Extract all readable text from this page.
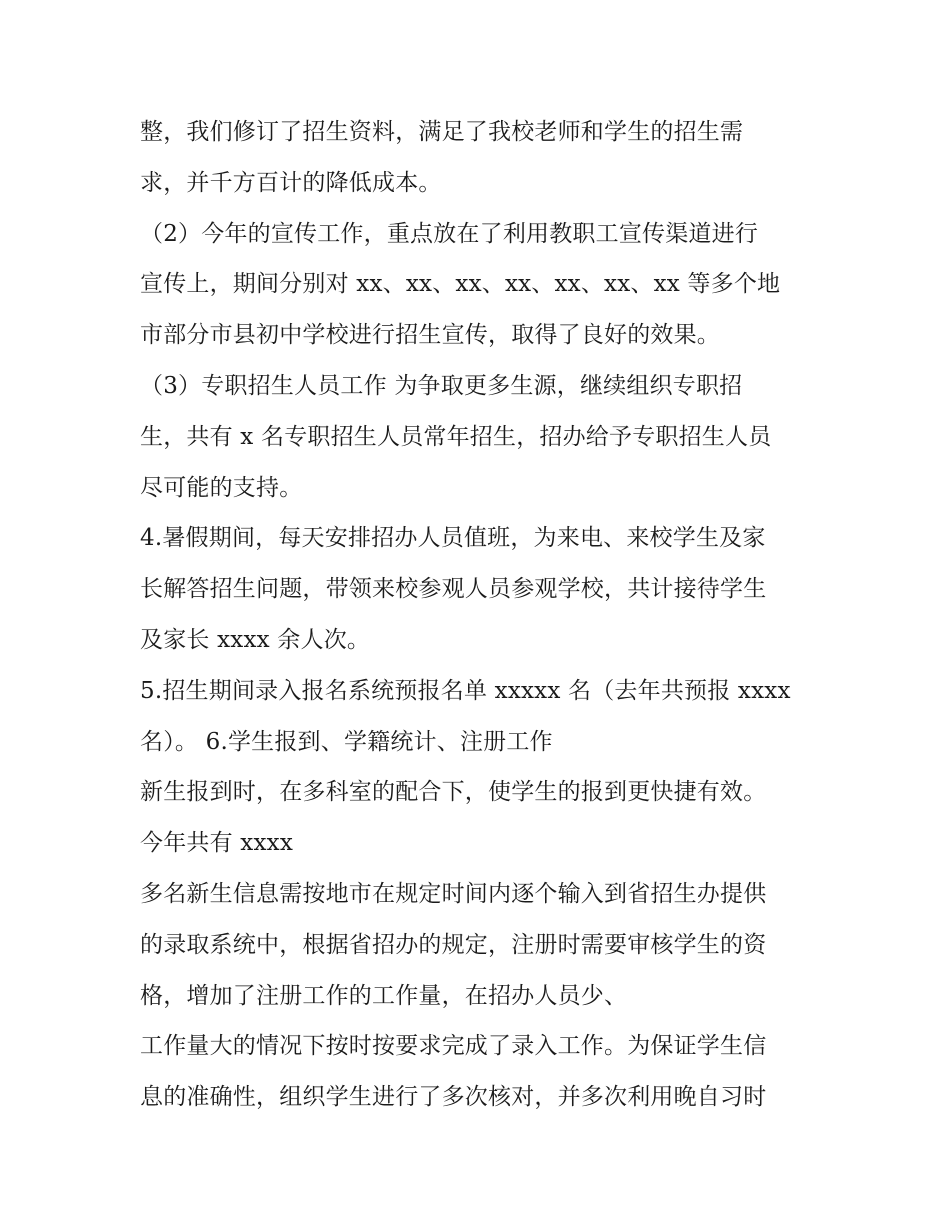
整，我们修订了招生资料，满足了我校老师和学生的招生需

求，并千方百计的降低成本。

（2）今年的宣传工作，重点放在了利用教职工宣传渠道进行

宣传上，期间分别对 xx、xx、xx、xx、xx、xx、xx 等多个地

市部分市县初中学校进行招生宣传，取得了良好的效果。

（3）专职招生人员工作 为争取更多生源，继续组织专职招

生，共有 x 名专职招生人员常年招生，招办给予专职招生人员

尽可能的支持。

4.暑假期间，每天安排招办人员值班，为来电、来校学生及家

长解答招生问题，带领来校参观人员参观学校，共计接待学生

及家长 xxxx 余人次。

5.招生期间录入报名系统预报名单 xxxxx 名（去年共预报 xxxx

名）。 6.学生报到、学籍统计、注册工作

新生报到时，在多科室的配合下，使学生的报到更快捷有效。

今年共有 xxxx

多名新生信息需按地市在规定时间内逐个输入到省招生办提供

的录取系统中，根据省招办的规定，注册时需要审核学生的资

格，增加了注册工作的工作量，在招办人员少、

工作量大的情况下按时按要求完成了录入工作。为保证学生信

息的准确性，组织学生进行了多次核对，并多次利用晚自习时
